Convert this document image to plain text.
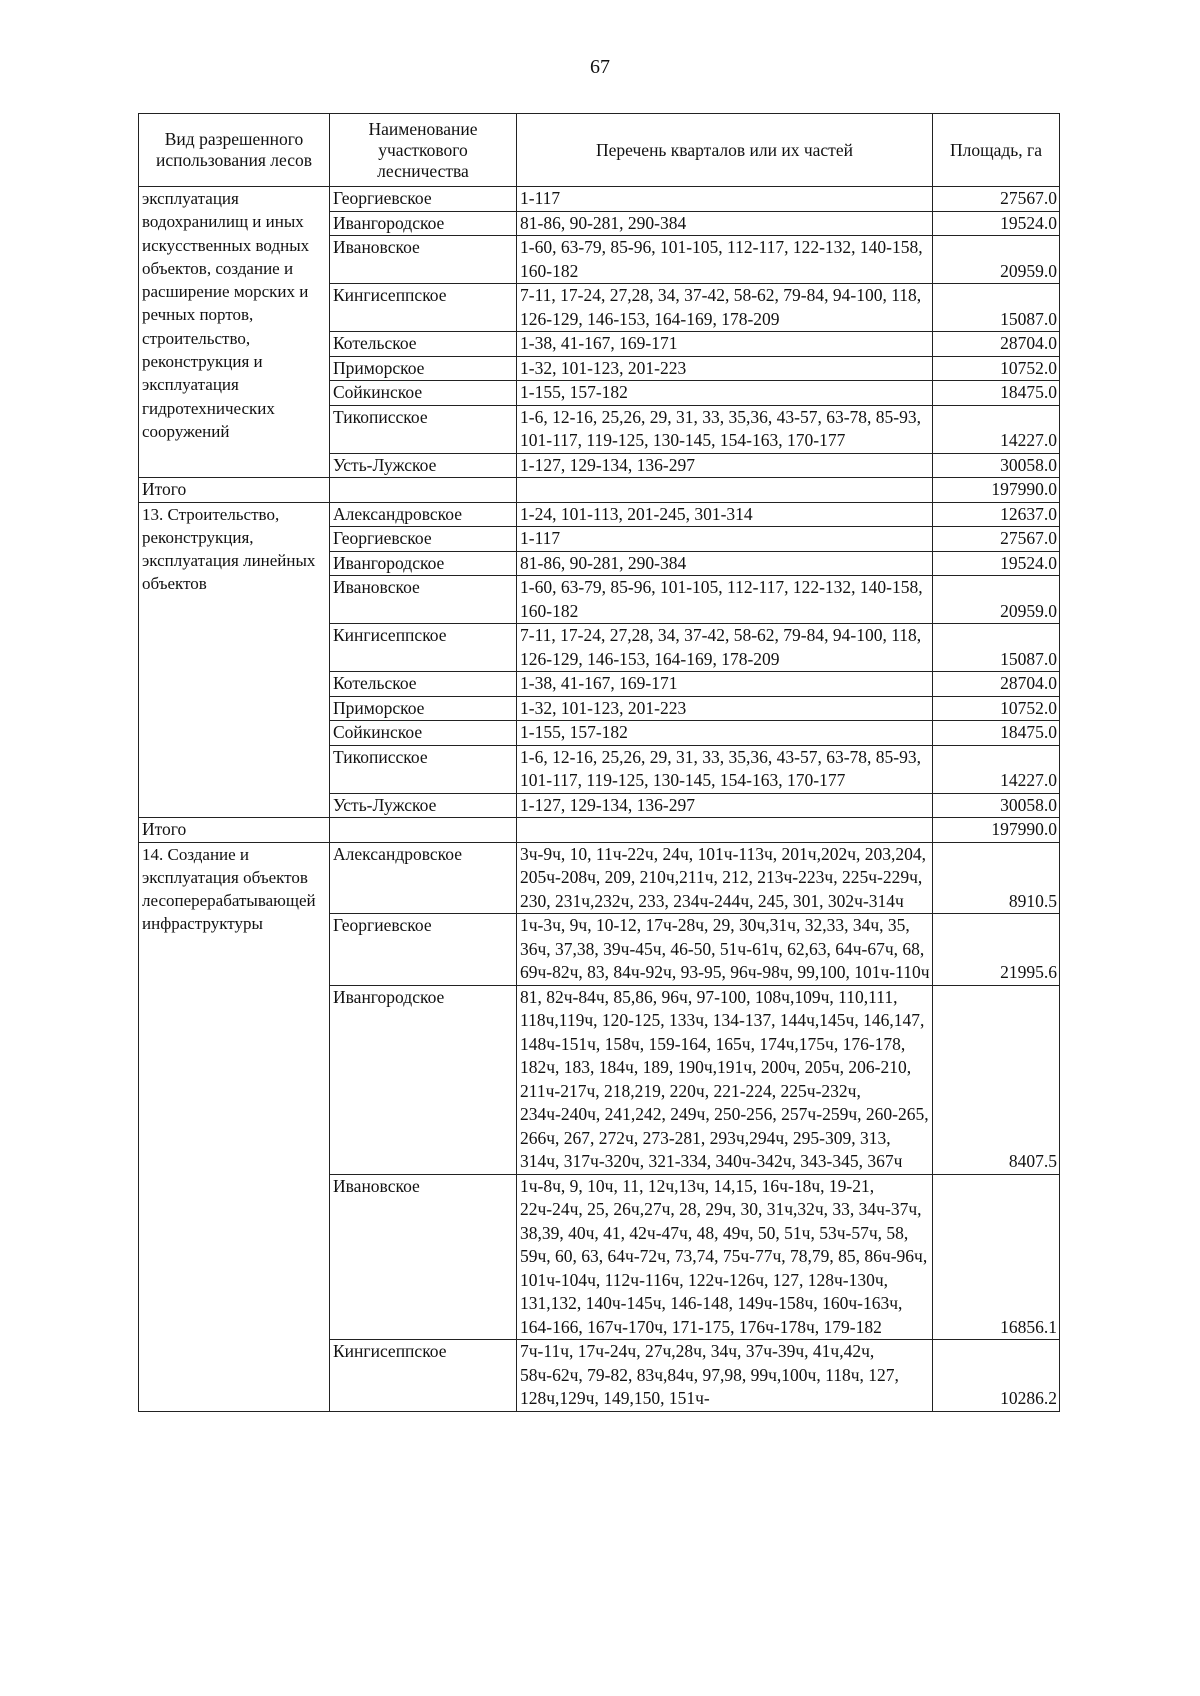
67
Вид разрешенного использования лесов	Наименование участкового лесничества	Перечень кварталов или их частей	Площадь, га
эксплуатация водохранилищ и иных искусственных водных объектов, создание и расширение морских и речных портов, строительство, реконструкция и эксплуатация гидротехнических сооружений	Георгиевское	1-117	27567.0
	Ивангородское	81-86, 90-281, 290-384	19524.0
	Ивановское	1-60, 63-79, 85-96, 101-105, 112-117, 122-132, 140-158, 160-182	20959.0
	Кингисеппское	7-11, 17-24, 27,28, 34, 37-42, 58-62, 79-84, 94-100, 118, 126-129, 146-153, 164-169, 178-209	15087.0
	Котельское	1-38, 41-167, 169-171	28704.0
	Приморское	1-32, 101-123, 201-223	10752.0
	Сойкинское	1-155, 157-182	18475.0
	Тикописское	1-6, 12-16, 25,26, 29, 31, 33, 35,36, 43-57, 63-78, 85-93, 101-117, 119-125, 130-145, 154-163, 170-177	14227.0
	Усть-Лужское	1-127, 129-134, 136-297	30058.0
Итого			197990.0
13. Строительство, реконструкция, эксплуатация линейных объектов	Александровское	1-24, 101-113, 201-245, 301-314	12637.0
	Георгиевское	1-117	27567.0
	Ивангородское	81-86, 90-281, 290-384	19524.0
	Ивановское	1-60, 63-79, 85-96, 101-105, 112-117, 122-132, 140-158, 160-182	20959.0
	Кингисеппское	7-11, 17-24, 27,28, 34, 37-42, 58-62, 79-84, 94-100, 118, 126-129, 146-153, 164-169, 178-209	15087.0
	Котельское	1-38, 41-167, 169-171	28704.0
	Приморское	1-32, 101-123, 201-223	10752.0
	Сойкинское	1-155, 157-182	18475.0
	Тикописское	1-6, 12-16, 25,26, 29, 31, 33, 35,36, 43-57, 63-78, 85-93, 101-117, 119-125, 130-145, 154-163, 170-177	14227.0
	Усть-Лужское	1-127, 129-134, 136-297	30058.0
Итого			197990.0
14. Создание и эксплуатация объектов лесоперерабатывающей инфраструктуры	Александровское	3ч-9ч, 10, 11ч-22ч, 24ч, 101ч-113ч, 201ч,202ч, 203,204, 205ч-208ч, 209, 210ч,211ч, 212, 213ч-223ч, 225ч-229ч, 230, 231ч,232ч, 233, 234ч-244ч, 245, 301, 302ч-314ч	8910.5
	Георгиевское	1ч-3ч, 9ч, 10-12, 17ч-28ч, 29, 30ч,31ч, 32,33, 34ч, 35, 36ч, 37,38, 39ч-45ч, 46-50, 51ч-61ч, 62,63, 64ч-67ч, 68, 69ч-82ч, 83, 84ч-92ч, 93-95, 96ч-98ч, 99,100, 101ч-110ч	21995.6
	Ивангородское	81, 82ч-84ч, 85,86, 96ч, 97-100, 108ч,109ч, 110,111, 118ч,119ч, 120-125, 133ч, 134-137, 144ч,145ч, 146,147, 148ч-151ч, 158ч, 159-164, 165ч, 174ч,175ч, 176-178, 182ч, 183, 184ч, 189, 190ч,191ч, 200ч, 205ч, 206-210, 211ч-217ч, 218,219, 220ч, 221-224, 225ч-232ч, 234ч-240ч, 241,242, 249ч, 250-256, 257ч-259ч, 260-265, 266ч, 267, 272ч, 273-281, 293ч,294ч, 295-309, 313, 314ч, 317ч-320ч, 321-334, 340ч-342ч, 343-345, 367ч	8407.5
	Ивановское	1ч-8ч, 9, 10ч, 11, 12ч,13ч, 14,15, 16ч-18ч, 19-21, 22ч-24ч, 25, 26ч,27ч, 28, 29ч, 30, 31ч,32ч, 33, 34ч-37ч, 38,39, 40ч, 41, 42ч-47ч, 48, 49ч, 50, 51ч, 53ч-57ч, 58, 59ч, 60, 63, 64ч-72ч, 73,74, 75ч-77ч, 78,79, 85, 86ч-96ч, 101ч-104ч, 112ч-116ч, 122ч-126ч, 127, 128ч-130ч, 131,132, 140ч-145ч, 146-148, 149ч-158ч, 160ч-163ч, 164-166, 167ч-170ч, 171-175, 176ч-178ч, 179-182	16856.1
	Кингисеппское	7ч-11ч, 17ч-24ч, 27ч,28ч, 34ч, 37ч-39ч, 41ч,42ч, 58ч-62ч, 79-82, 83ч,84ч, 97,98, 99ч,100ч, 118ч, 127, 128ч,129ч, 149,150, 151ч-	10286.2
